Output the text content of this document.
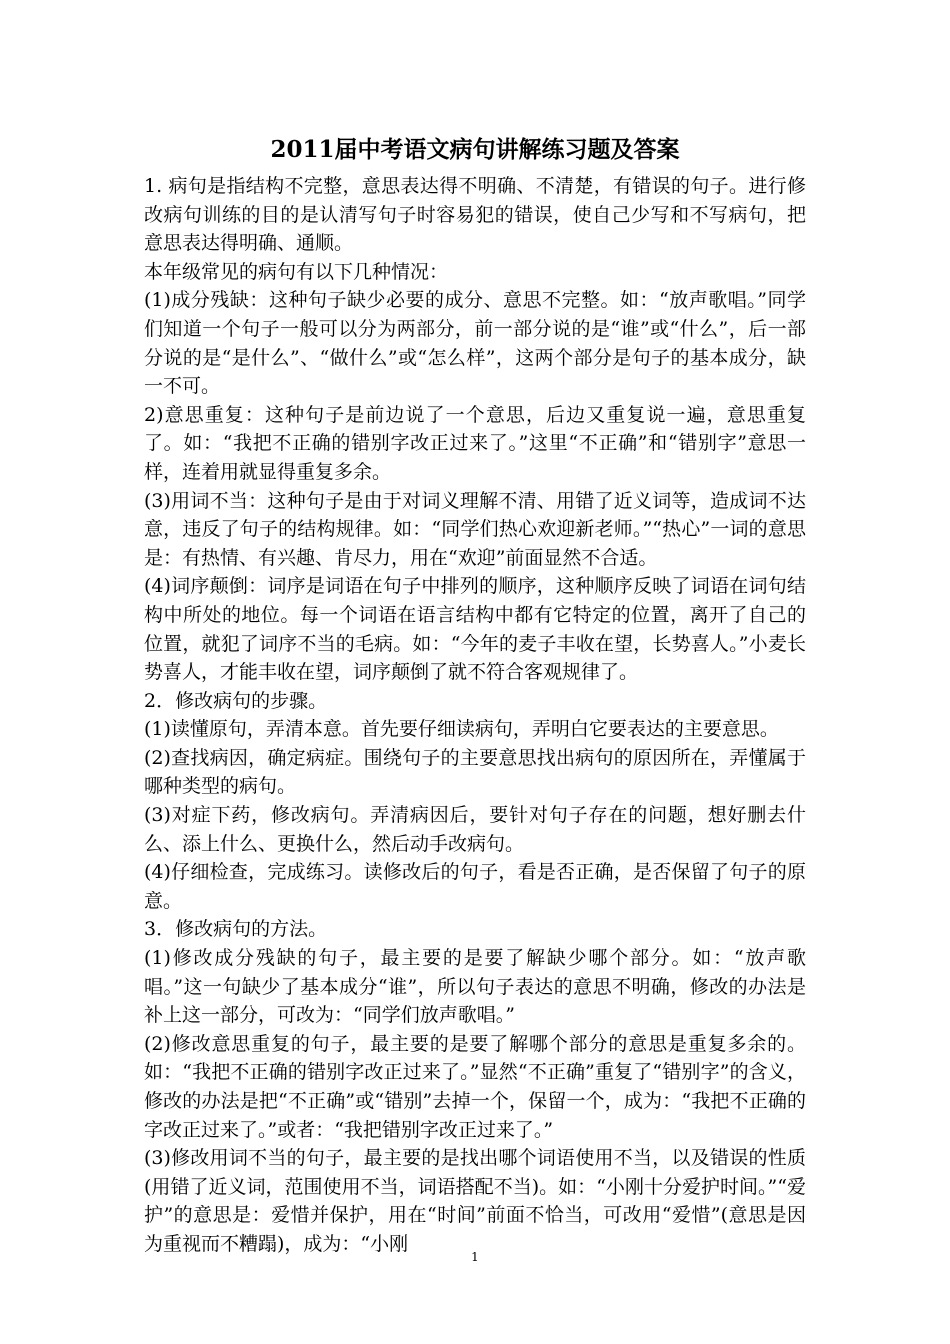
2011届中考语文病句讲解练习题及答案

1. 病句是指结构不完整，意思表达得不明确、不清楚，有错误的句子。进行修改病句训练的目的是认清写句子时容易犯的错误，使自己少写和不写病句，把意思表达得明确、通顺。

本年级常见的病句有以下几种情况：

(1)成分残缺：这种句子缺少必要的成分、意思不完整。如：“放声歌唱。”同学们知道一个句子一般可以分为两部分，前一部分说的是“谁”或“什么”，后一部分说的是“是什么”、“做什么”或“怎么样”，这两个部分是句子的基本成分，缺一不可。

2)意思重复：这种句子是前边说了一个意思，后边又重复说一遍，意思重复了。如：“我把不正确的错别字改正过来了。”这里“不正确”和“错别字”意思一样，连着用就显得重复多余。

(3)用词不当：这种句子是由于对词义理解不清、用错了近义词等，造成词不达意，违反了句子的结构规律。如：“同学们热心欢迎新老师。”“热心”一词的意思是：有热情、有兴趣、肯尽力，用在“欢迎”前面显然不合适。

(4)词序颠倒：词序是词语在句子中排列的顺序，这种顺序反映了词语在词句结构中所处的地位。每一个词语在语言结构中都有它特定的位置，离开了自己的位置，就犯了词序不当的毛病。如：“今年的麦子丰收在望，长势喜人。”小麦长势喜人，才能丰收在望，词序颠倒了就不符合客观规律了。

2．修改病句的步骤。

(1)读懂原句，弄清本意。首先要仔细读病句，弄明白它要表达的主要意思。

(2)查找病因，确定病症。围绕句子的主要意思找出病句的原因所在，弄懂属于哪种类型的病句。

(3)对症下药，修改病句。弄清病因后，要针对句子存在的问题，想好删去什么、添上什么、更换什么，然后动手改病句。

(4)仔细检查，完成练习。读修改后的句子，看是否正确，是否保留了句子的原意。

3．修改病句的方法。

(1)修改成分残缺的句子，最主要的是要了解缺少哪个部分。如：“放声歌唱。”这一句缺少了基本成分“谁”，所以句子表达的意思不明确，修改的办法是补上这一部分，可改为：“同学们放声歌唱。”

(2)修改意思重复的句子，最主要的是要了解哪个部分的意思是重复多余的。如：“我把不正确的错别字改正过来了。”显然“不正确”重复了“错别字”的含义，修改的办法是把“不正确”或“错别”去掉一个，保留一个，成为：“我把不正确的字改正过来了。”或者：“我把错别字改正过来了。”

(3)修改用词不当的句子，最主要的是找出哪个词语使用不当，以及错误的性质(用错了近义词，范围使用不当，词语搭配不当)。如：“小刚十分爱护时间。”“爱护”的意思是：爱惜并保护，用在“时间”前面不恰当，可改用“爱惜”(意思是因为重视而不糟蹋)，成为：“小刚

1
